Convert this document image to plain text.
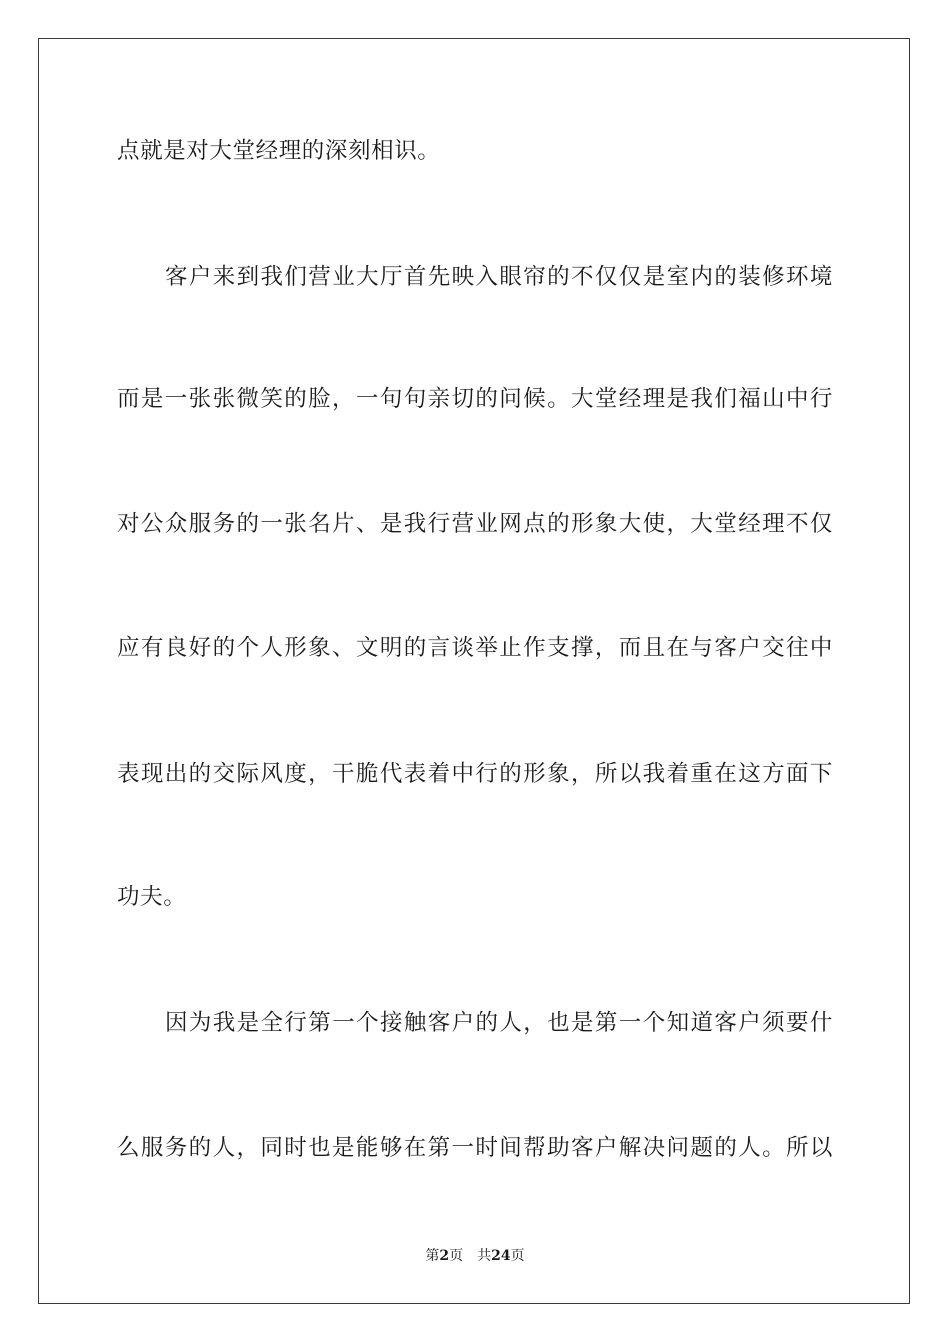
点就是对大堂经理的深刻相识。
客户来到我们营业大厅首先映入眼帘的不仅仅是室内的装修环境
而是一张张微笑的脸，一句句亲切的问候。大堂经理是我们福山中行
对公众服务的一张名片、是我行营业网点的形象大使，大堂经理不仅
应有良好的个人形象、文明的言谈举止作支撑，而且在与客户交往中
表现出的交际风度，干脆代表着中行的形象，所以我着重在这方面下
功夫。
因为我是全行第一个接触客户的人，也是第一个知道客户须要什
么服务的人，同时也是能够在第一时间帮助客户解决问题的人。所以
第2页 共24页
